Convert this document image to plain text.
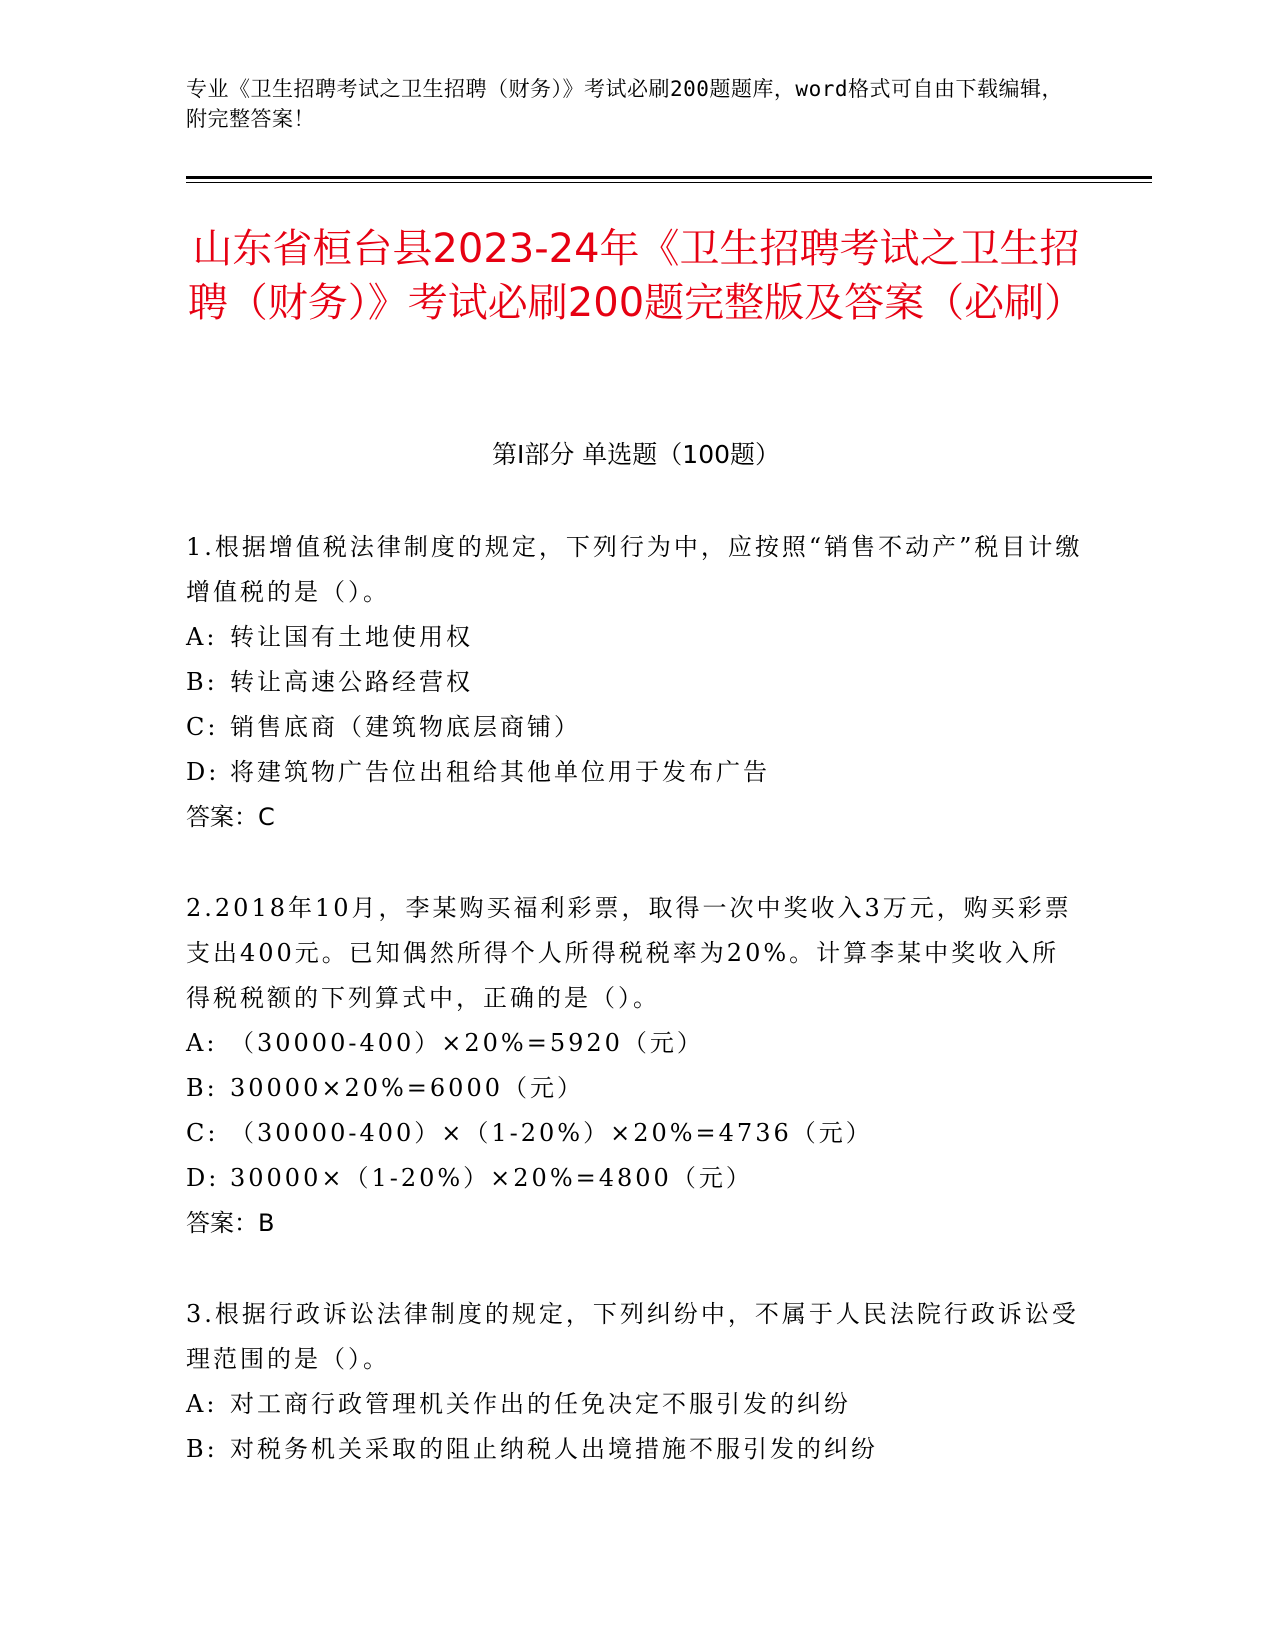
专业《卫生招聘考试之卫生招聘（财务）》考试必刷200题题库，word格式可自由下载编辑，附完整答案！
山东省桓台县2023-24年《卫生招聘考试之卫生招聘（财务）》考试必刷200题完整版及答案（必刷）
第Ⅰ部分 单选题（100题）

1.根据增值税法律制度的规定，下列行为中，应按照“销售不动产”税目计缴增值税的是（）。

A: 转让国有土地使用权

B: 转让高速公路经营权

C: 销售底商（建筑物底层商铺）

D: 将建筑物广告位出租给其他单位用于发布广告

答案：C

2.2018年10月，李某购买福利彩票，取得一次中奖收入3万元，购买彩票支出400元。已知偶然所得个人所得税税率为20%。计算李某中奖收入所得税税额的下列算式中，正确的是（）。

A: （30000-400）×20%=5920（元）

B: 30000×20%=6000（元）

C: （30000-400）×（1-20%）×20%=4736（元）

D: 30000×（1-20%）×20%=4800（元）

答案：B

3.根据行政诉讼法律制度的规定，下列纠纷中，不属于人民法院行政诉讼受理范围的是（）。

A: 对工商行政管理机关作出的任免决定不服引发的纠纷

B: 对税务机关采取的阻止纳税人出境措施不服引发的纠纷
